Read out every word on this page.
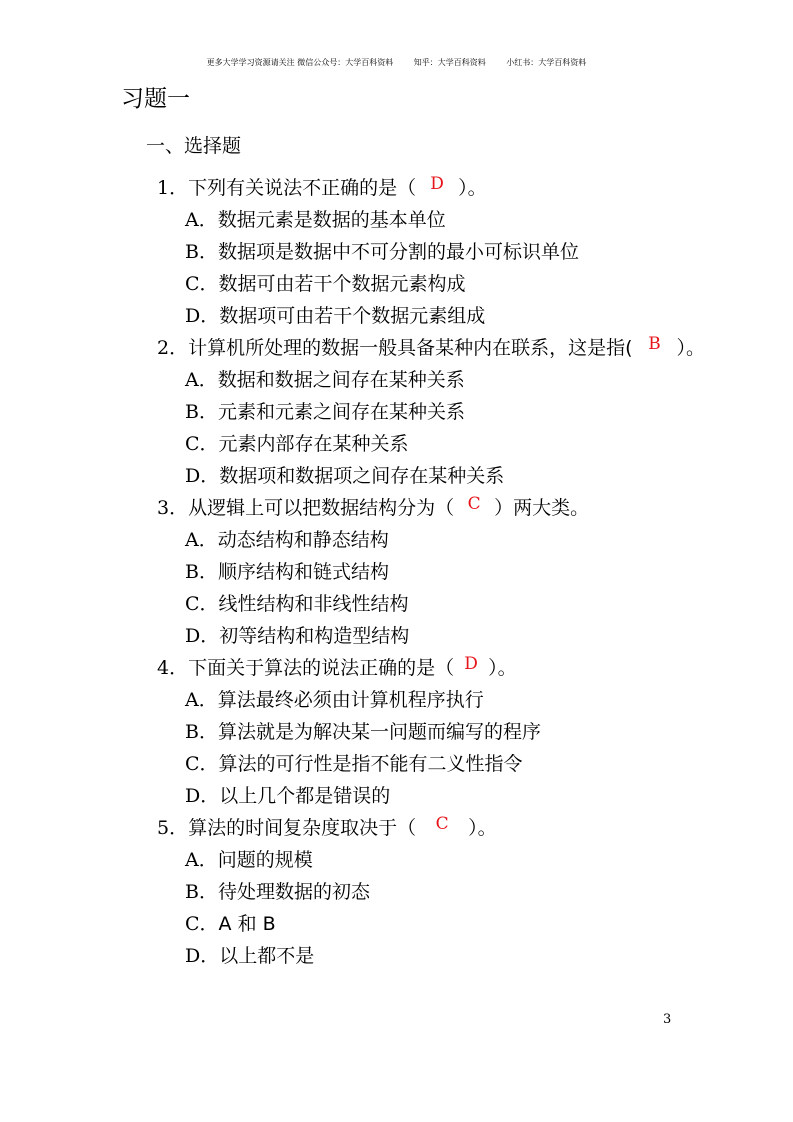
更多大学学习资源请关注 微信公众号：大学百科资料	知乎：大学百科资料	小红书：大学百科资料
习题一
一、选择题
1．下列有关说法不正确的是（ D ）。
A．数据元素是数据的基本单位
B．数据项是数据中不可分割的最小可标识单位
C．数据可由若干个数据元素构成
D．数据项可由若干个数据元素组成
2．计算机所处理的数据一般具备某种内在联系，这是指( B ）。
A．数据和数据之间存在某种关系
B．元素和元素之间存在某种关系
C．元素内部存在某种关系
D．数据项和数据项之间存在某种关系
3．从逻辑上可以把数据结构分为（ C ）两大类。
A．动态结构和静态结构
B．顺序结构和链式结构
C．线性结构和非线性结构
D．初等结构和构造型结构
4．下面关于算法的说法正确的是（ D ）。
A．算法最终必须由计算机程序执行
B．算法就是为解决某一问题而编写的程序
C．算法的可行性是指不能有二义性指令
D．以上几个都是错误的
5．算法的时间复杂度取决于（ C ）。
A．问题的规模
B．待处理数据的初态
C．A 和 B
D．以上都不是
3
